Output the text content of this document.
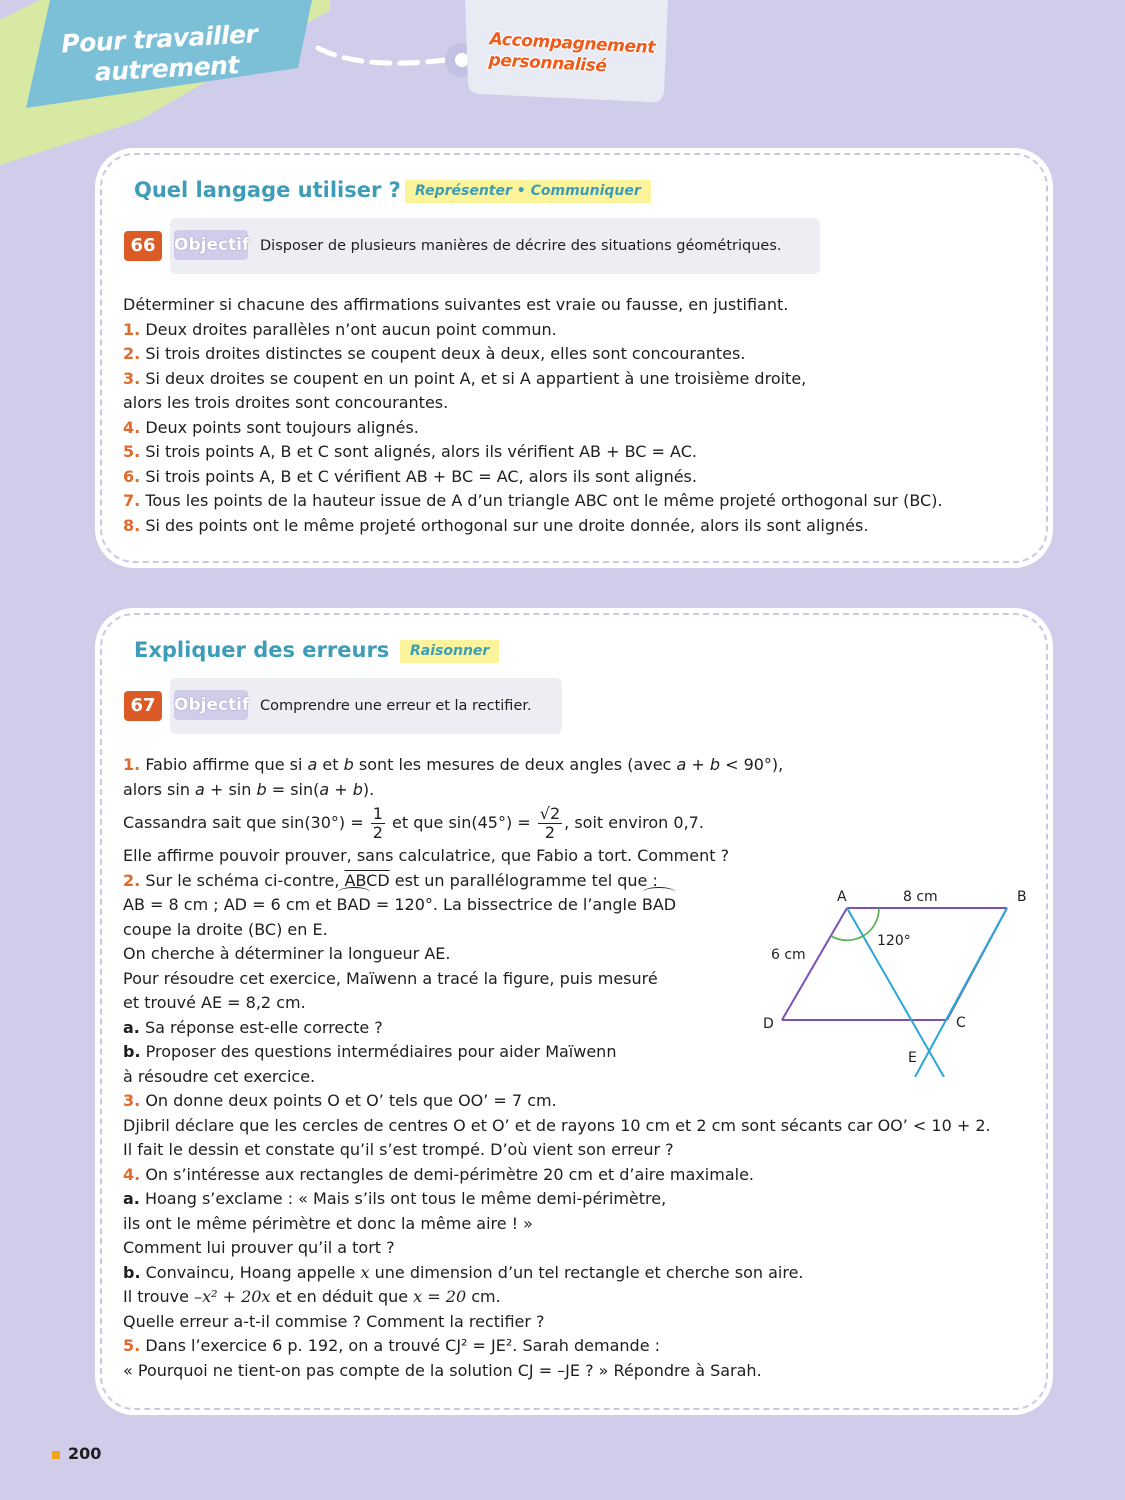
Pour travailler
autrement
Accompagnement
personnalisé
Quel langage utiliser ?	Représenter • Communiquer
66	Objectif Disposer de plusieurs manières de décrire des situations géométriques.
Déterminer si chacune des affirmations suivantes est vraie ou fausse, en justifiant.
1. Deux droites parallèles n’ont aucun point commun.
2. Si trois droites distinctes se coupent deux à deux, elles sont concourantes.
3. Si deux droites se coupent en un point A, et si A appartient à une troisième droite,
alors les trois droites sont concourantes.
4. Deux points sont toujours alignés.
5. Si trois points A, B et C sont alignés, alors ils vérifient AB + BC = AC.
6. Si trois points A, B et C vérifient AB + BC = AC, alors ils sont alignés.
7. Tous les points de la hauteur issue de A d’un triangle ABC ont le même projeté orthogonal sur (BC).
8. Si des points ont le même projeté orthogonal sur une droite donnée, alors ils sont alignés.
Expliquer des erreurs	Raisonner
67	Objectif Comprendre une erreur et la rectifier.
1. Fabio affirme que si a et b sont les mesures de deux angles (avec a + b < 90°),
alors sin a + sin b = sin(a + b).
Cassandra sait que $\sin(30^\circ) = \frac{1}{2}$ et que $\sin(45^\circ) = \frac{√2}{2}$ , soit environ 0,7.
Elle affirme pouvoir prouver, sans calculatrice, que Fabio a tort. Comment ?
2. Sur le schéma ci-contre, ABCD est un parallélogramme tel que :
AB = 8 cm ; AD = 6 cm et BAD = 120°. La bissectrice de l’angle BAD
coupe la droite (BC) en E.
On cherche à déterminer la longueur AE.
Pour résoudre cet exercice, Maïwenn a tracé la figure, puis mesuré
et trouvé AE = 8,2 cm.
a. Sa réponse est-elle correcte ?
b. Proposer des questions intermédiaires pour aider Maïwenn
à résoudre cet exercice.
3. On donne deux points O et O’ tels que OO’ = 7 cm.
Djibril déclare que les cercles de centres O et O’ et de rayons 10 cm et 2 cm sont sécants car OO’ < 10 + 2.
Il fait le dessin et constate qu’il s’est trompé. D’où vient son erreur ?
4. On s’intéresse aux rectangles de demi-périmètre 20 cm et d’aire maximale.
a. Hoang s’exclame : « Mais s’ils ont tous le même demi-périmètre,
ils ont le même périmètre et donc la même aire ! »
Comment lui prouver qu’il a tort ?
b. Convaincu, Hoang appelle x une dimension d’un tel rectangle et cherche son aire.
Il trouve –x² + 20x et en déduit que x = 20 cm.
Quelle erreur a-t-il commise ? Comment la rectifier ?
5. Dans l’exercice 6 p. 192, on a trouvé CJ² = JE². Sarah demande :
« Pourquoi ne tient-on pas compte de la solution CJ = –JE ? » Répondre à Sarah.
A	B
C
D
E
8 cm
6 cm
120°
200
